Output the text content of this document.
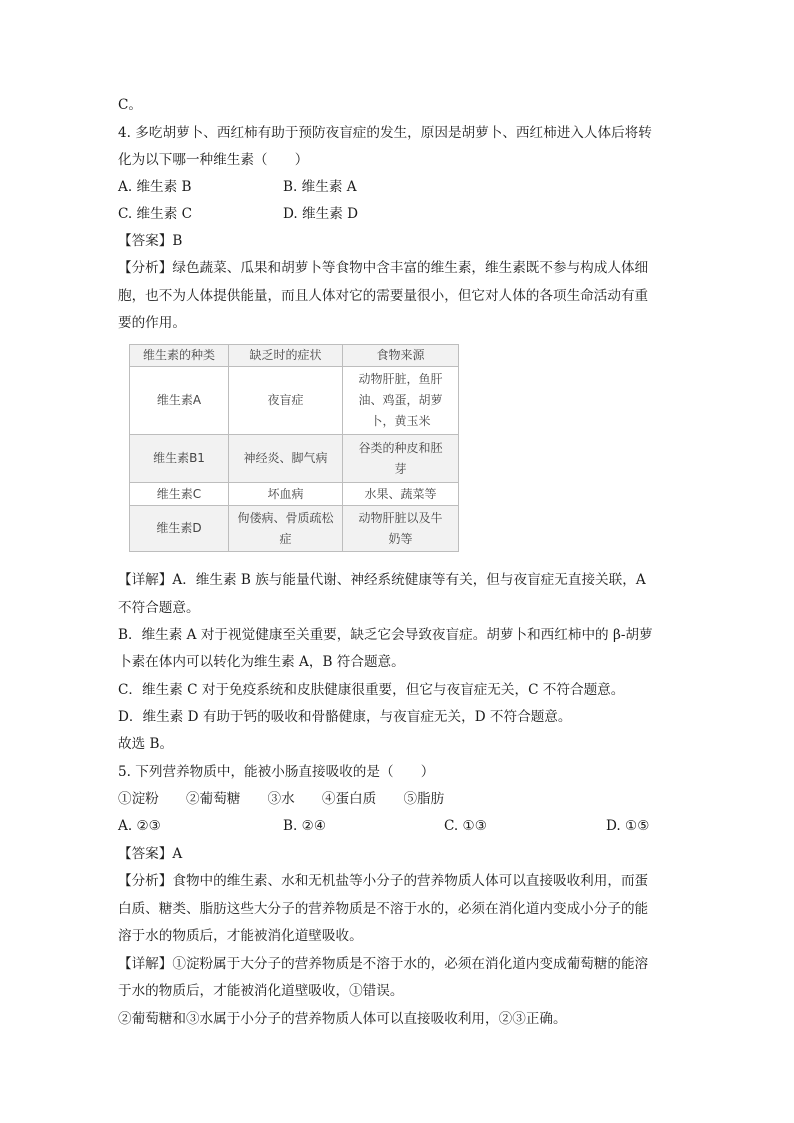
C。
4. 多吃胡萝卜、西红柿有助于预防夜盲症的发生，原因是胡萝卜、西红柿进入人体后将转
化为以下哪一种维生素（　　）
A. 维生素 B	B. 维生素 A
C. 维生素 C	D. 维生素 D
【答案】B
【分析】绿色蔬菜、瓜果和胡萝卜等食物中含丰富的维生素，维生素既不参与构成人体细
胞，也不为人体提供能量，而且人体对它的需要量很小，但它对人体的各项生命活动有重
要的作用。
维生素的种类	缺乏时的症状	食物来源
维生素A	夜盲症	动物肝脏，鱼肝油、鸡蛋，胡萝卜，黄玉米
维生素B1	神经炎、脚气病	谷类的种皮和胚芽
维生素C	坏血病	水果、蔬菜等
维生素D	佝偻病、骨质疏松症	动物肝脏以及牛奶等
【详解】A．维生素 B 族与能量代谢、神经系统健康等有关，但与夜盲症无直接关联，A
不符合题意。
B．维生素 A 对于视觉健康至关重要，缺乏它会导致夜盲症。胡萝卜和西红柿中的 β-胡萝
卜素在体内可以转化为维生素 A，B 符合题意。
C．维生素 C 对于免疫系统和皮肤健康很重要，但它与夜盲症无关，C 不符合题意。
D．维生素 D 有助于钙的吸收和骨骼健康，与夜盲症无关，D 不符合题意。
故选 B。
5. 下列营养物质中，能被小肠直接吸收的是（　　）
①淀粉　　②葡萄糖　　③水　　④蛋白质　　⑤脂肪
A. ②③	B. ②④	C. ①③	D. ①⑤
【答案】A
【分析】食物中的维生素、水和无机盐等小分子的营养物质人体可以直接吸收利用，而蛋
白质、糖类、脂肪这些大分子的营养物质是不溶于水的，必须在消化道内变成小分子的能
溶于水的物质后，才能被消化道壁吸收。
【详解】①淀粉属于大分子的营养物质是不溶于水的，必须在消化道内变成葡萄糖的能溶
于水的物质后，才能被消化道壁吸收，①错误。
②葡萄糖和③水属于小分子的营养物质人体可以直接吸收利用，②③正确。
